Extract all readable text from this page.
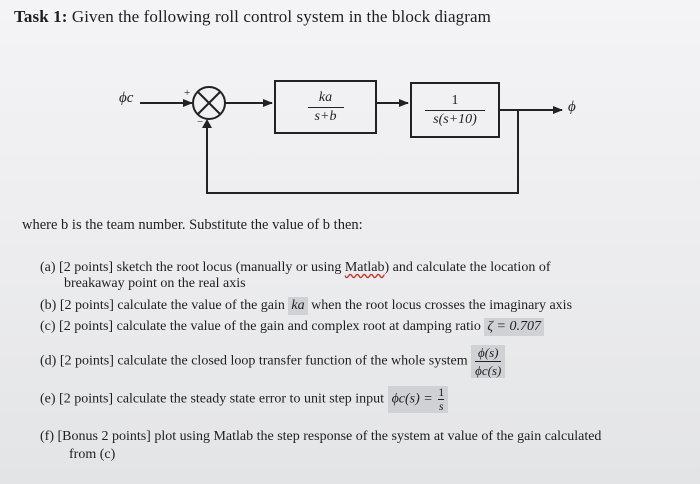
Task 1: Given the following roll control system in the block diagram
ϕc
ϕ
+
−
ka
s+b
1
s(s+10)
where b is the team number. Substitute the value of b then:
(a) [2 points] sketch the root locus (manually or using Matlab) and calculate the location of
breakaway point on the real axis
(b) [2 points] calculate the value of the gain ka when the root locus crosses the imaginary axis
(c) [2 points] calculate the value of the gain and complex root at damping ratio ζ = 0.707
(d) [2 points] calculate the closed loop transfer function of the whole system $\frac{\phi(s)}{\phi c(s)}$
(e) [2 points] calculate the steady state error to unit step input $\phi c(s) = \frac{1}{s}$
(f) [Bonus 2 points] plot using Matlab the step response of the system at value of the gain calculated
from (c)
